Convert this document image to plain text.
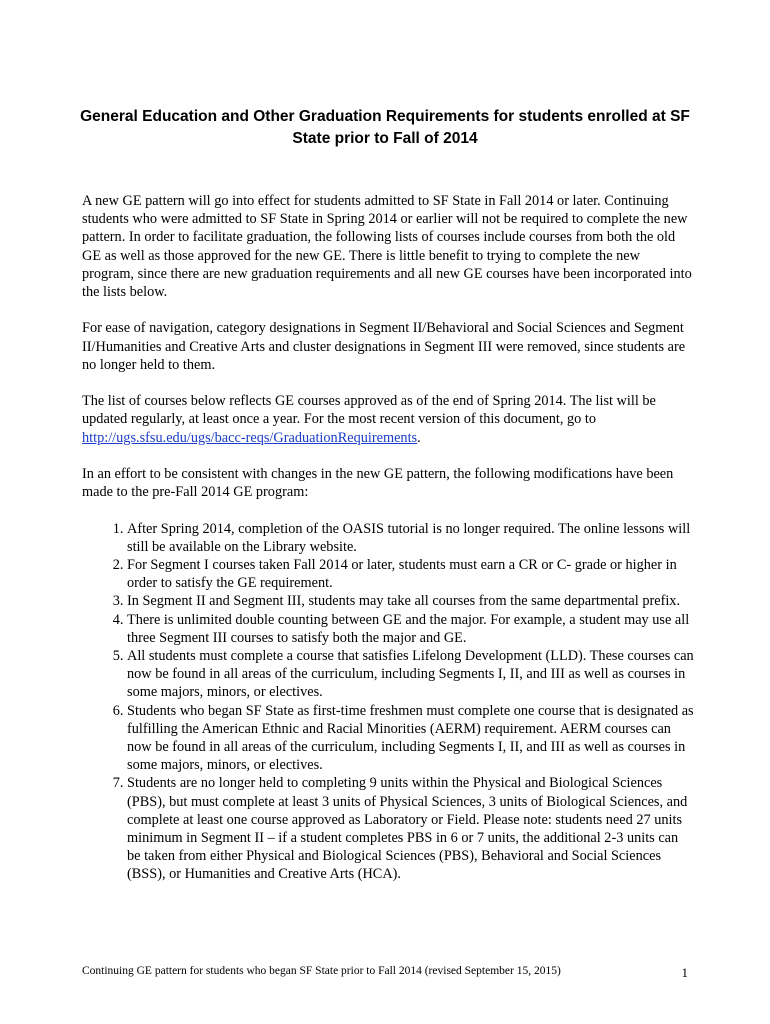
General Education and Other Graduation Requirements for students enrolled at SF State prior to Fall of 2014

A new GE pattern will go into effect for students admitted to SF State in Fall 2014 or later. Continuing students who were admitted to SF State in Spring 2014 or earlier will not be required to complete the new pattern. In order to facilitate graduation, the following lists of courses include courses from both the old GE as well as those approved for the new GE. There is little benefit to trying to complete the new program, since there are new graduation requirements and all new GE courses have been incorporated into the lists below.

For ease of navigation, category designations in Segment II/Behavioral and Social Sciences and Segment II/Humanities and Creative Arts and cluster designations in Segment III were removed, since students are no longer held to them.

The list of courses below reflects GE courses approved as of the end of Spring 2014. The list will be updated regularly, at least once a year. For the most recent version of this document, go to http://ugs.sfsu.edu/ugs/bacc-reqs/GraduationRequirements.

In an effort to be consistent with changes in the new GE pattern, the following modifications have been made to the pre-Fall 2014 GE program:

1. After Spring 2014, completion of the OASIS tutorial is no longer required. The online lessons will still be available on the Library website.
2. For Segment I courses taken Fall 2014 or later, students must earn a CR or C- grade or higher in order to satisfy the GE requirement.
3. In Segment II and Segment III, students may take all courses from the same departmental prefix.
4. There is unlimited double counting between GE and the major. For example, a student may use all three Segment III courses to satisfy both the major and GE.
5. All students must complete a course that satisfies Lifelong Development (LLD). These courses can now be found in all areas of the curriculum, including Segments I, II, and III as well as courses in some majors, minors, or electives.
6. Students who began SF State as first-time freshmen must complete one course that is designated as fulfilling the American Ethnic and Racial Minorities (AERM) requirement. AERM courses can now be found in all areas of the curriculum, including Segments I, II, and III as well as courses in some majors, minors, or electives.
7. Students are no longer held to completing 9 units within the Physical and Biological Sciences (PBS), but must complete at least 3 units of Physical Sciences, 3 units of Biological Sciences, and complete at least one course approved as Laboratory or Field. Please note: students need 27 units minimum in Segment II – if a student completes PBS in 6 or 7 units, the additional 2-3 units can be taken from either Physical and Biological Sciences (PBS), Behavioral and Social Sciences (BSS), or Humanities and Creative Arts (HCA).
Continuing GE pattern for students who began SF State prior to Fall 2014 (revised September 15, 2015)	1
